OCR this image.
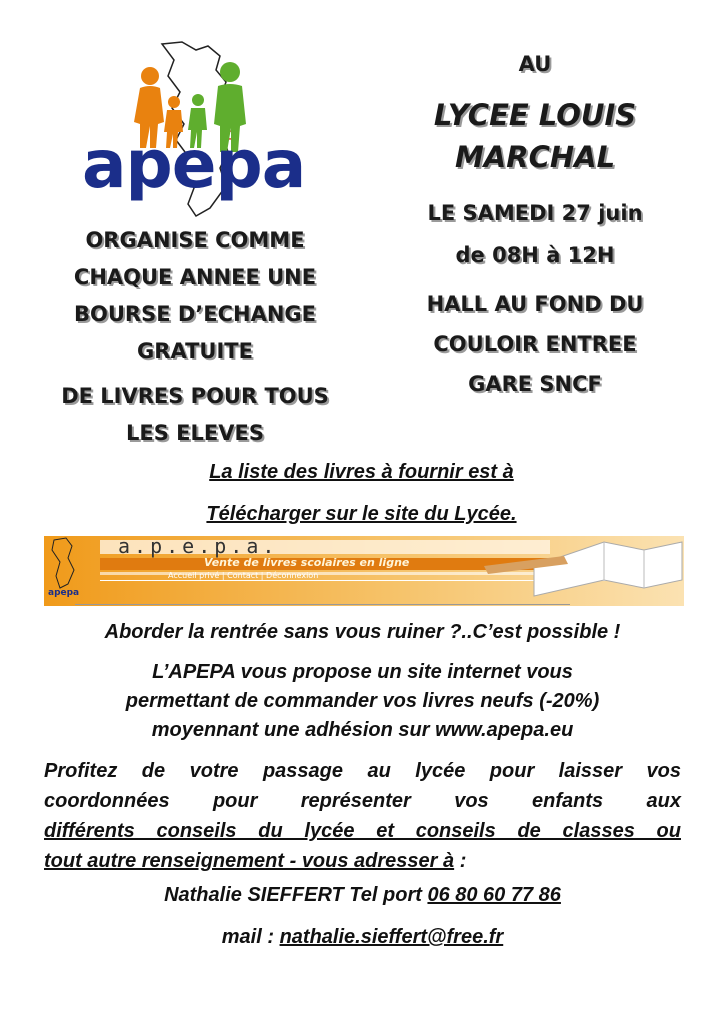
apepa
ORGANISE COMME
CHAQUE ANNEE UNE
BOURSE D’ECHANGE
GRATUITE
DE LIVRES POUR TOUS
LES ELEVES
AU
LYCEE LOUIS
MARCHAL
LE SAMEDI 27 juin
de 08H à 12H
HALL AU FOND DU
COULOIR ENTREE
GARE SNCF
La liste des livres à fournir est à
Télécharger sur le site du Lycée.
a.p.e.p.a.
Vente de livres scolaires en ligne
Accueil privé | Contact | Déconnexion
apepa
Aborder la rentrée sans vous ruiner ?..C’est possible !
L’APEPA vous propose un site internet vous
permettant de commander vos livres neufs (-20%)
moyennant une adhésion sur www.apepa.eu
Profitez de votre passage au lycée pour laisser vos
coordonnées pour représenter vos enfants aux
différents conseils du lycée et conseils de classes ou
tout autre renseignement - vous adresser à :
Nathalie SIEFFERT Tel port 06 80 60 77 86
mail : nathalie.sieffert@free.fr
